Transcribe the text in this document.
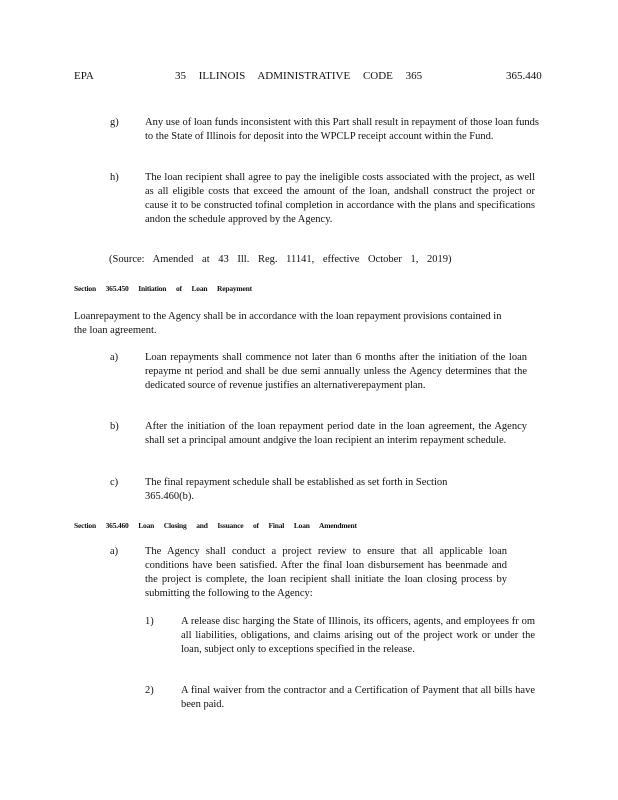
EPA	35 ILLINOIS ADMINISTRATIVE CODE 365	365.440
g)	Any use of loan funds inconsistent with this Part shall result in repayment of those loan funds to the State of Illinois for deposit into the WPCLP receipt account within the Fund.
h)	The loan recipient shall agree to pay the ineligible costs associated with the project, as well as all eligible costs that exceed the amount of the loan, andshall construct the project or cause it to be constructed tofinal completion in accordance with the plans and specifications andon the schedule approved by the Agency.
(Source: Amended at 43 Ill. Reg. 11141, effective October 1, 2019)
Section 365.450 Initiation of Loan Repayment
Loanrepayment to the Agency shall be in accordance with the loan repayment provisions contained in the loan agreement.
a)	Loan repayments shall commence not later than 6 months after the initiation of the loan repayme nt period and shall be due semi annually unless the Agency determines that the dedicated source of revenue justifies an alternativerepayment plan.
b)	After the initiation of the loan repayment period date in the loan agreement, the Agency shall set a principal amount andgive the loan recipient an interim repayment schedule.
c)	The final repayment schedule shall be established as set forth in Section 365.460(b).
Section 365.460 Loan Closing and Issuance of Final Loan Amendment
a)	The Agency shall conduct a project review to ensure that all applicable loan conditions have been satisfied. After the final loan disbursement has beenmade and the project is complete, the loan recipient shall initiate the loan closing process by submitting the following to the Agency:
1)	A release disc harging the State of Illinois, its officers, agents, and employees fr om all liabilities, obligations, and claims arising out of the project work or under the loan, subject only to exceptions specified in the release.
2)	A final waiver from the contractor and a Certification of Payment that all bills have been paid.
